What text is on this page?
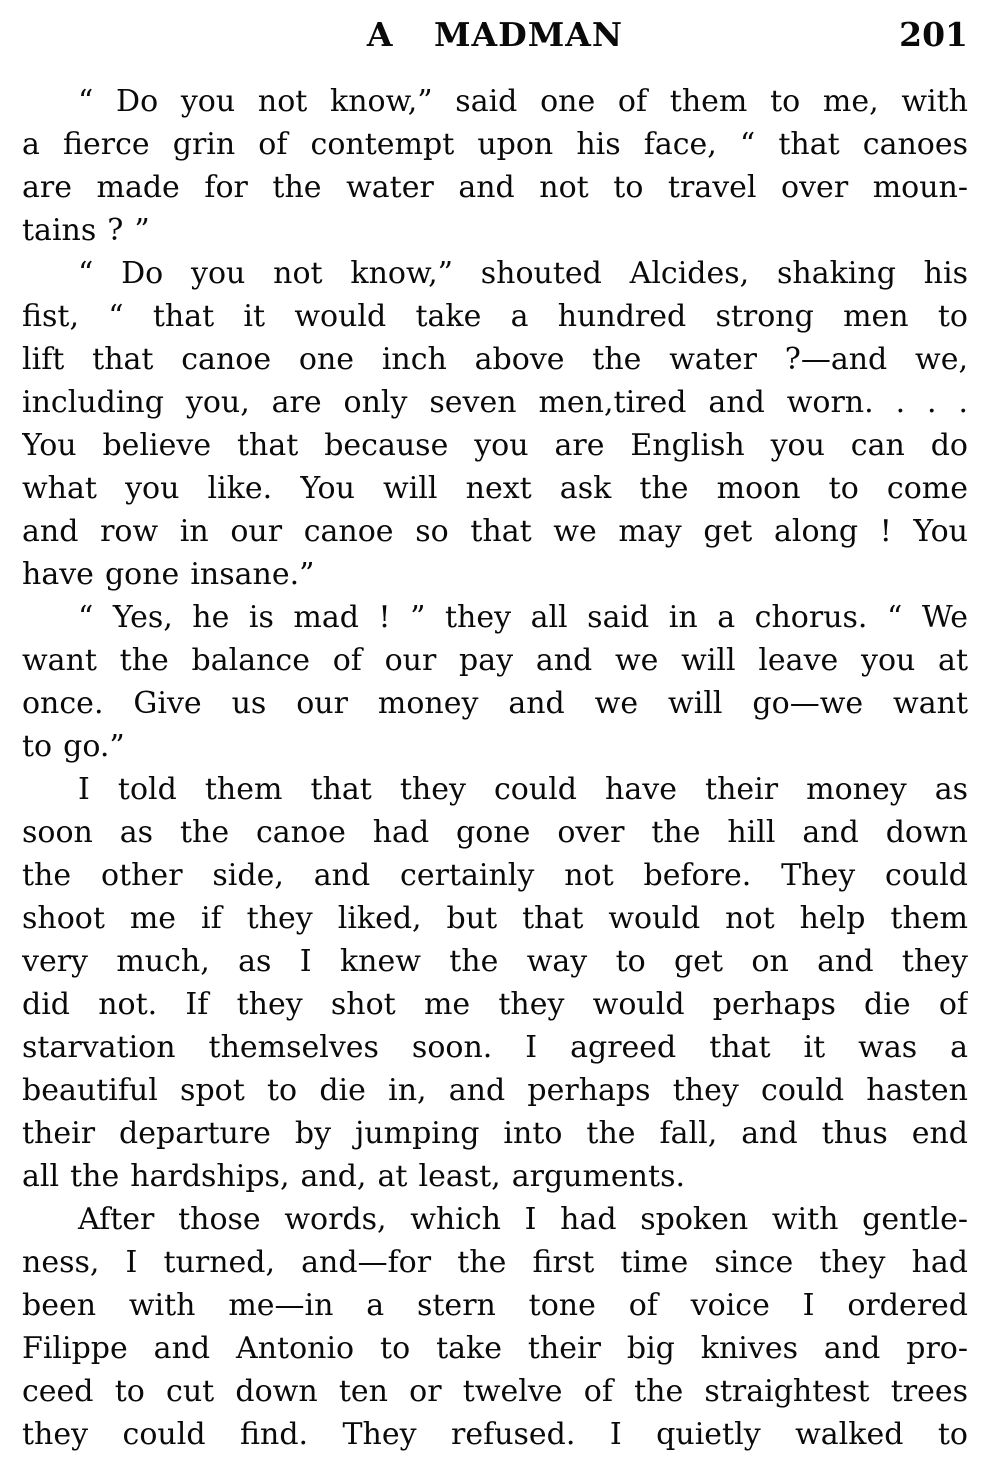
A MADMAN	201
“ Do you not know,” said one of them to me, with
a fierce grin of contempt upon his face, “ that canoes
are made for the water and not to travel over moun-
tains ? ”
“ Do you not know,” shouted Alcides, shaking his
fist, “ that it would take a hundred strong men to
lift that canoe one inch above the water ?—and we,
including you, are only seven men,tired and worn. . . .
You believe that because you are English you can do
what you like. You will next ask the moon to come
and row in our canoe so that we may get along ! You
have gone insane.”
“ Yes, he is mad ! ” they all said in a chorus. “ We
want the balance of our pay and we will leave you at
once. Give us our money and we will go—we want
to go.”
I told them that they could have their money as
soon as the canoe had gone over the hill and down
the other side, and certainly not before. They could
shoot me if they liked, but that would not help them
very much, as I knew the way to get on and they
did not. If they shot me they would perhaps die of
starvation themselves soon. I agreed that it was a
beautiful spot to die in, and perhaps they could hasten
their departure by jumping into the fall, and thus end
all the hardships, and, at least, arguments.
After those words, which I had spoken with gentle-
ness, I turned, and—for the first time since they had
been with me—in a stern tone of voice I ordered
Filippe and Antonio to take their big knives and pro-
ceed to cut down ten or twelve of the straightest trees
they could find. They refused. I quietly walked to
